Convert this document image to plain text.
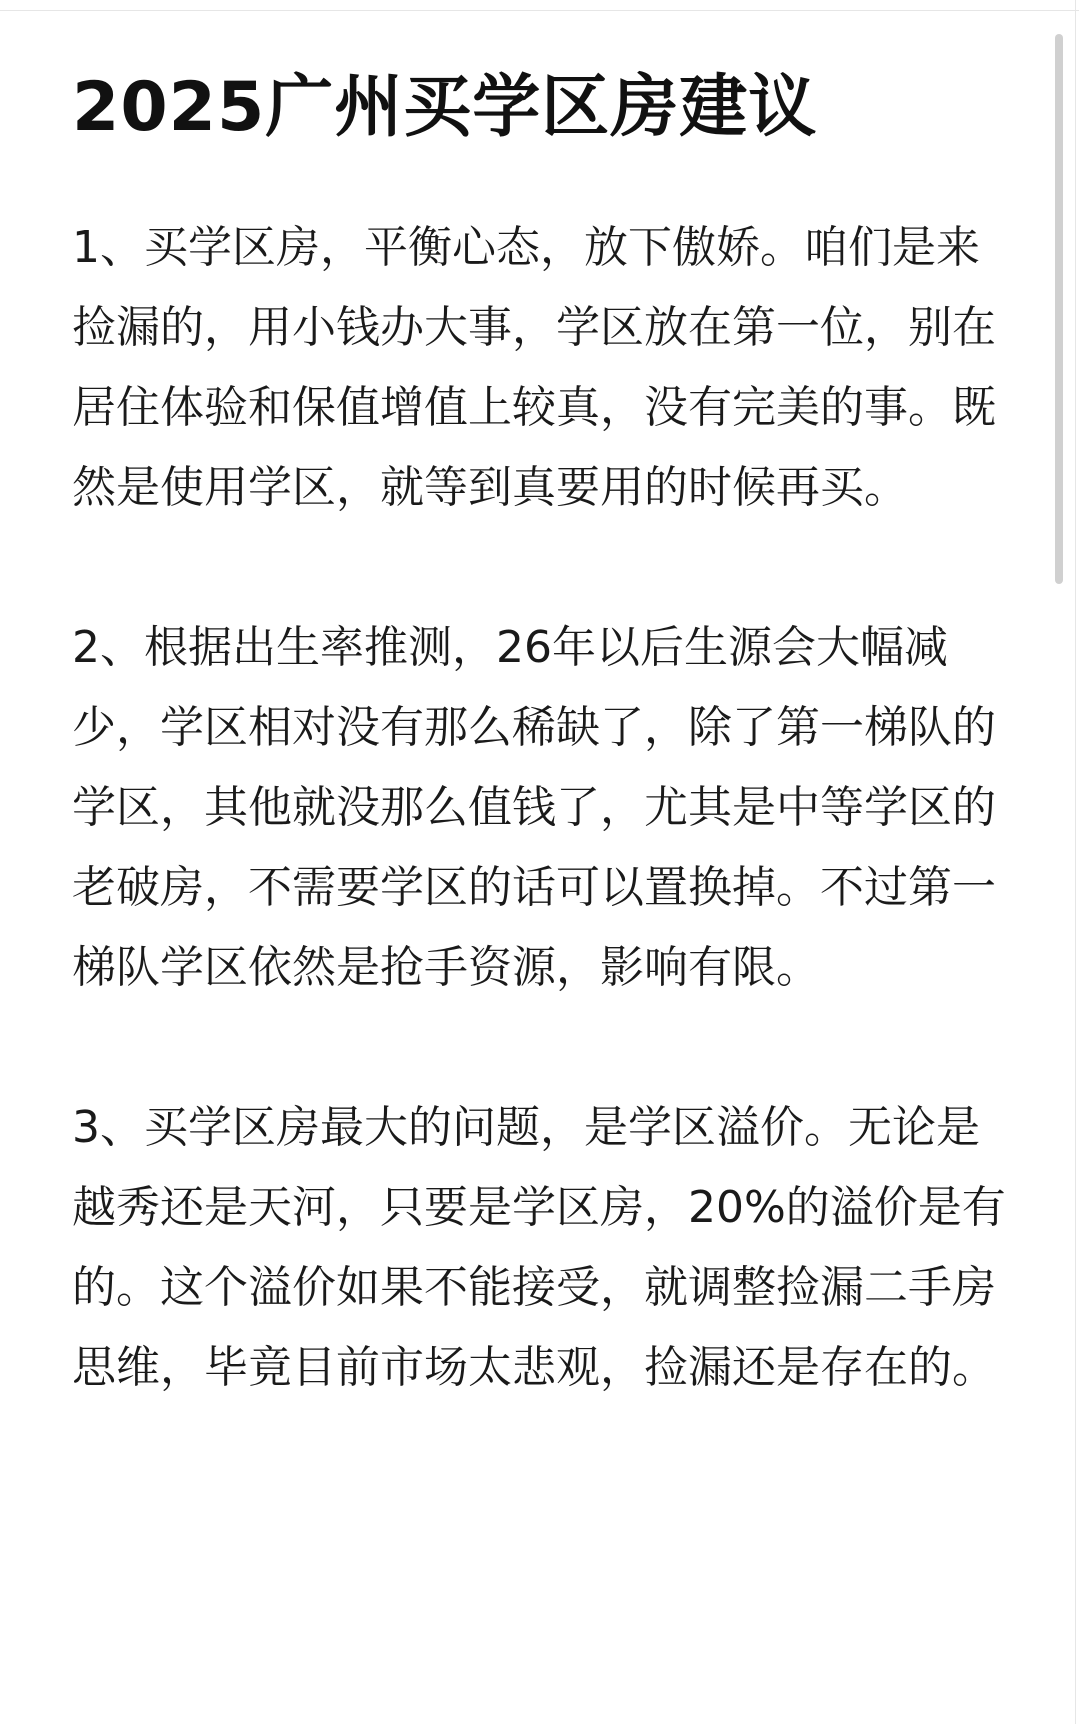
2025广州买学区房建议

1、买学区房，平衡心态，放下傲娇。咱们是来捡漏的，用小钱办大事，学区放在第一位，别在居住体验和保值增值上较真，没有完美的事。既然是使用学区，就等到真要用的时候再买。

2、根据出生率推测，26年以后生源会大幅减少，学区相对没有那么稀缺了，除了第一梯队的学区，其他就没那么值钱了，尤其是中等学区的老破房，不需要学区的话可以置换掉。不过第一梯队学区依然是抢手资源，影响有限。

3、买学区房最大的问题，是学区溢价。无论是越秀还是天河，只要是学区房，20%的溢价是有的。这个溢价如果不能接受，就调整捡漏二手房思维，毕竟目前市场太悲观，捡漏还是存在的。
